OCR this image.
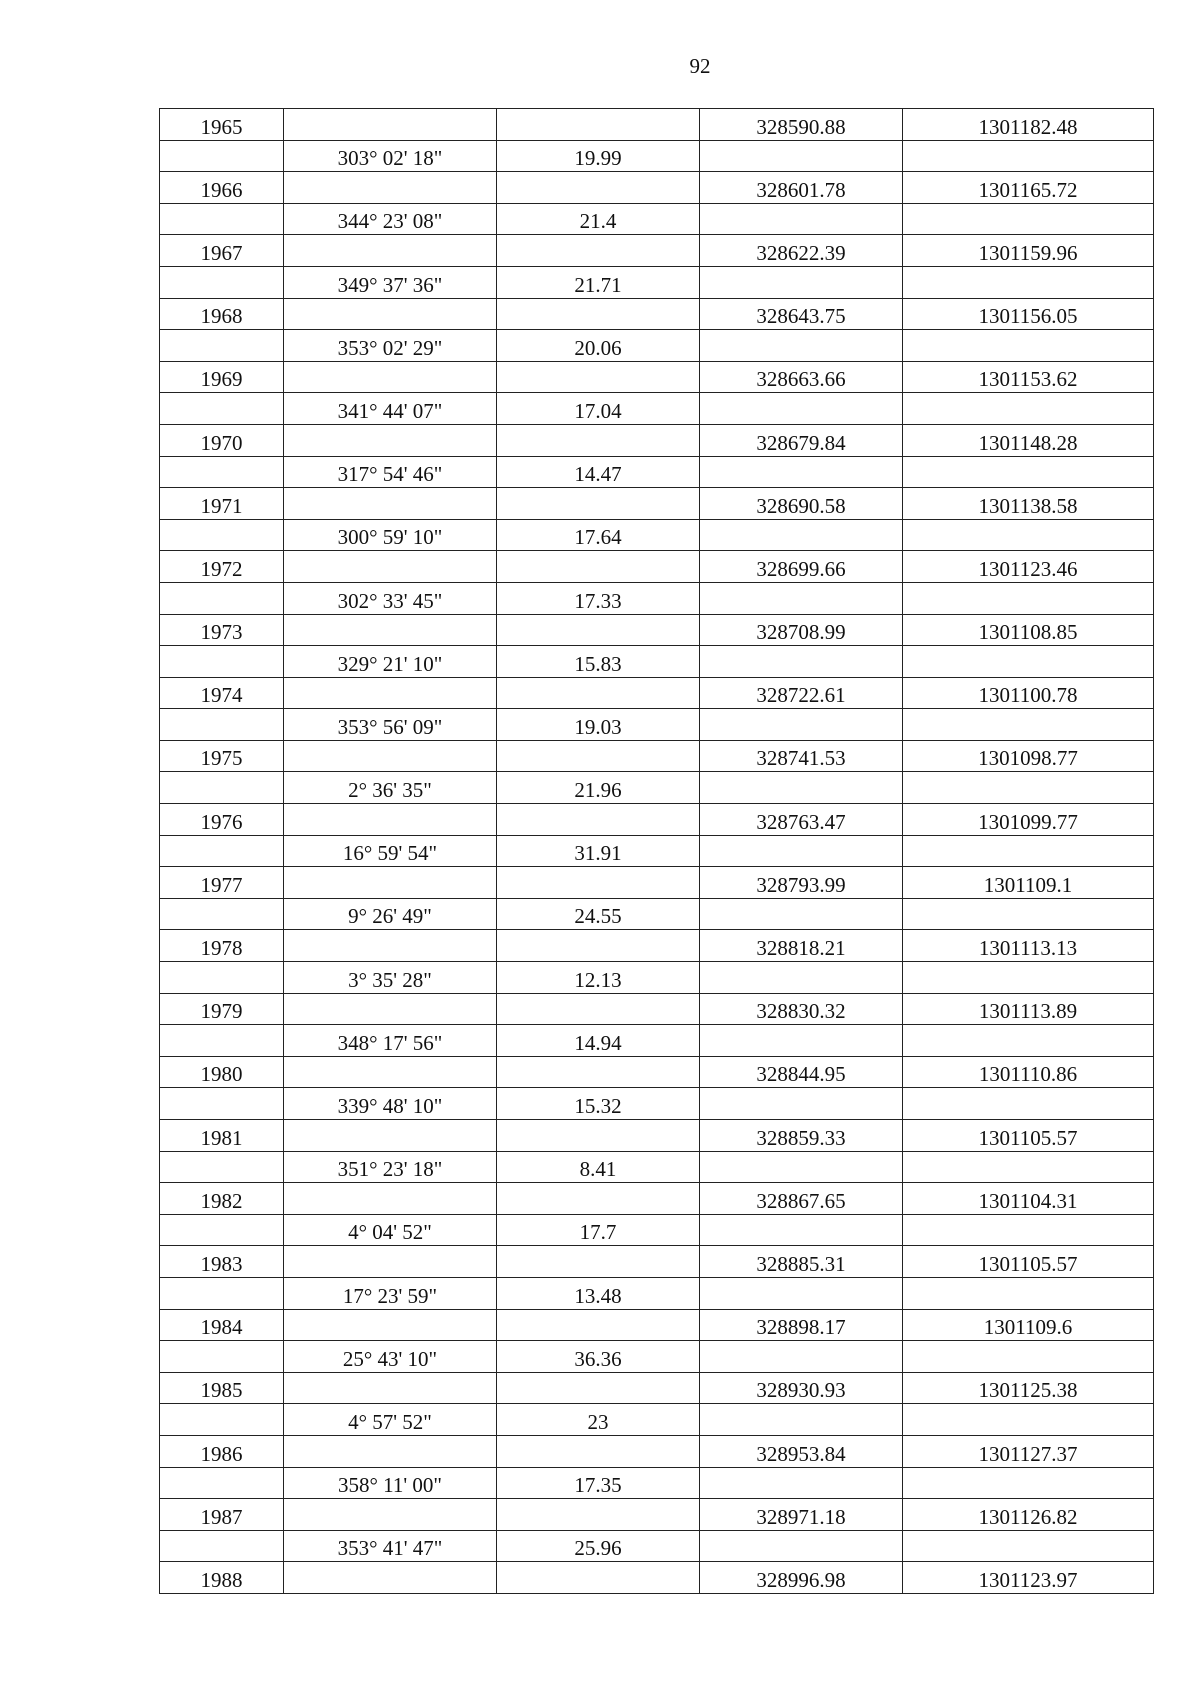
92
1965			328590.88	1301182.48
	303° 02' 18"	19.99		
1966			328601.78	1301165.72
	344° 23' 08"	21.4		
1967			328622.39	1301159.96
	349° 37' 36"	21.71		
1968			328643.75	1301156.05
	353° 02' 29"	20.06		
1969			328663.66	1301153.62
	341° 44' 07"	17.04		
1970			328679.84	1301148.28
	317° 54' 46"	14.47		
1971			328690.58	1301138.58
	300° 59' 10"	17.64		
1972			328699.66	1301123.46
	302° 33' 45"	17.33		
1973			328708.99	1301108.85
	329° 21' 10"	15.83		
1974			328722.61	1301100.78
	353° 56' 09"	19.03		
1975			328741.53	1301098.77
	2° 36' 35"	21.96		
1976			328763.47	1301099.77
	16° 59' 54"	31.91		
1977			328793.99	1301109.1
	9° 26' 49"	24.55		
1978			328818.21	1301113.13
	3° 35' 28"	12.13		
1979			328830.32	1301113.89
	348° 17' 56"	14.94		
1980			328844.95	1301110.86
	339° 48' 10"	15.32		
1981			328859.33	1301105.57
	351° 23' 18"	8.41		
1982			328867.65	1301104.31
	4° 04' 52"	17.7		
1983			328885.31	1301105.57
	17° 23' 59"	13.48		
1984			328898.17	1301109.6
	25° 43' 10"	36.36		
1985			328930.93	1301125.38
	4° 57' 52"	23		
1986			328953.84	1301127.37
	358° 11' 00"	17.35		
1987			328971.18	1301126.82
	353° 41' 47"	25.96		
1988			328996.98	1301123.97
